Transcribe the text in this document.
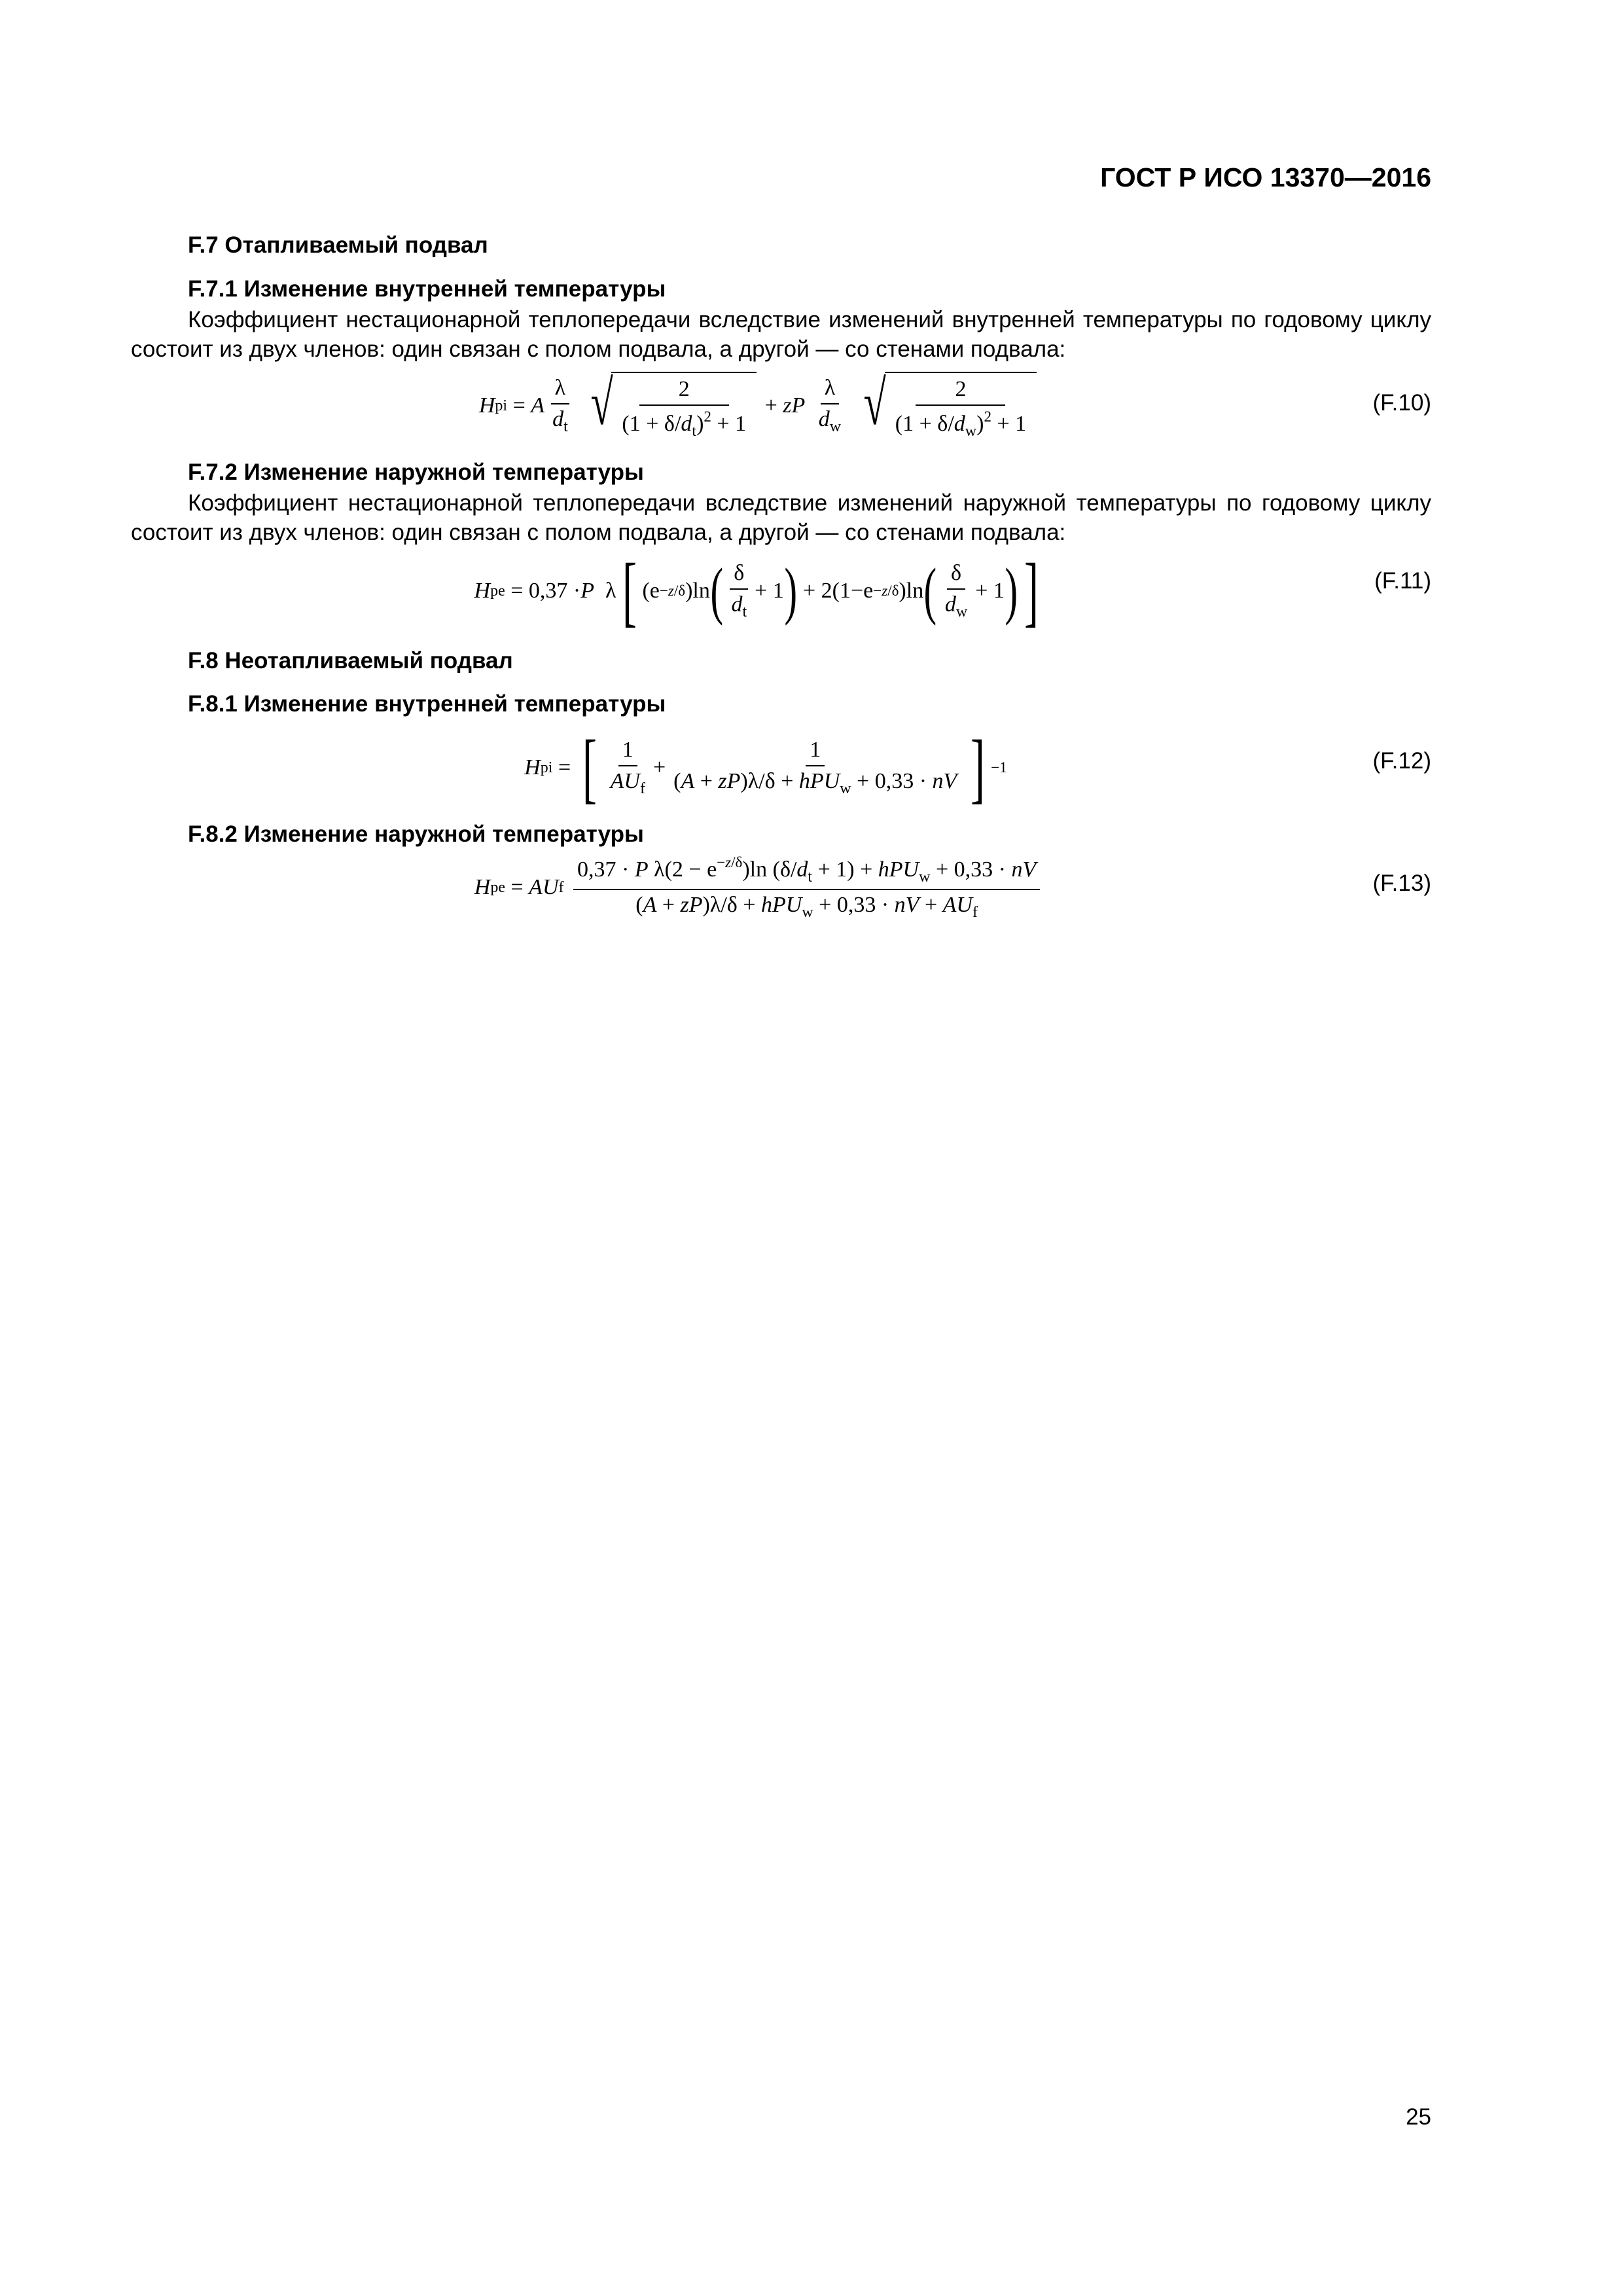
ГОСТ Р ИСО 13370—2016
F.7 Отапливаемый подвал
F.7.1 Изменение внутренней температуры
Коэффициент нестационарной теплопередачи вследствие изменений внутренней температуры по годовому циклу состоит из двух членов: один связан с полом подвала, а другой — со стенами подвала:
H pi = A $\frac{\lambda}{d_t}$ √ $\frac{2}{(1 + \delta/d_t)^2 + 1}$ + zP
$\frac{\lambda}{d_w}$ √ $\frac{2}{(1 + \delta/d_w)^2 + 1}$	(F.10)
F.7.2 Изменение наружной температуры
Коэффициент нестационарной теплопередачи вследствие изменений наружной температуры по годовому циклу состоит из двух членов: один связан с полом подвала, а другой — со стенами подвала:
H pe = 0,37 · P λ [ (e −z/δ )ln ( $\frac{\delta}{d_t} + 1$ ) + 2(1−e −z/δ )ln ( $\frac{\delta}{d_w} + 1$ ) ]	(F.11)
F.8 Неотапливаемый подвал
F.8.1 Изменение внутренней температуры
H pi = [ $\frac{1}{AU_f} + \frac{1}{(A + zP)\lambda/\delta + hPU_w + 0,33 \cdot nV}$ ] −1	(F.12)
F.8.2 Изменение наружной температуры
H pe = AU f
$\frac{0,37 \cdot P \lambda(2 - e^{-z/\delta})\ln (\delta/d_t + 1) + hPU_w + 0,33 \cdot nV}{(A + zP)\lambda/\delta + hPU_w + 0,33 \cdot nV + AU_f}$	(F.13)
25
